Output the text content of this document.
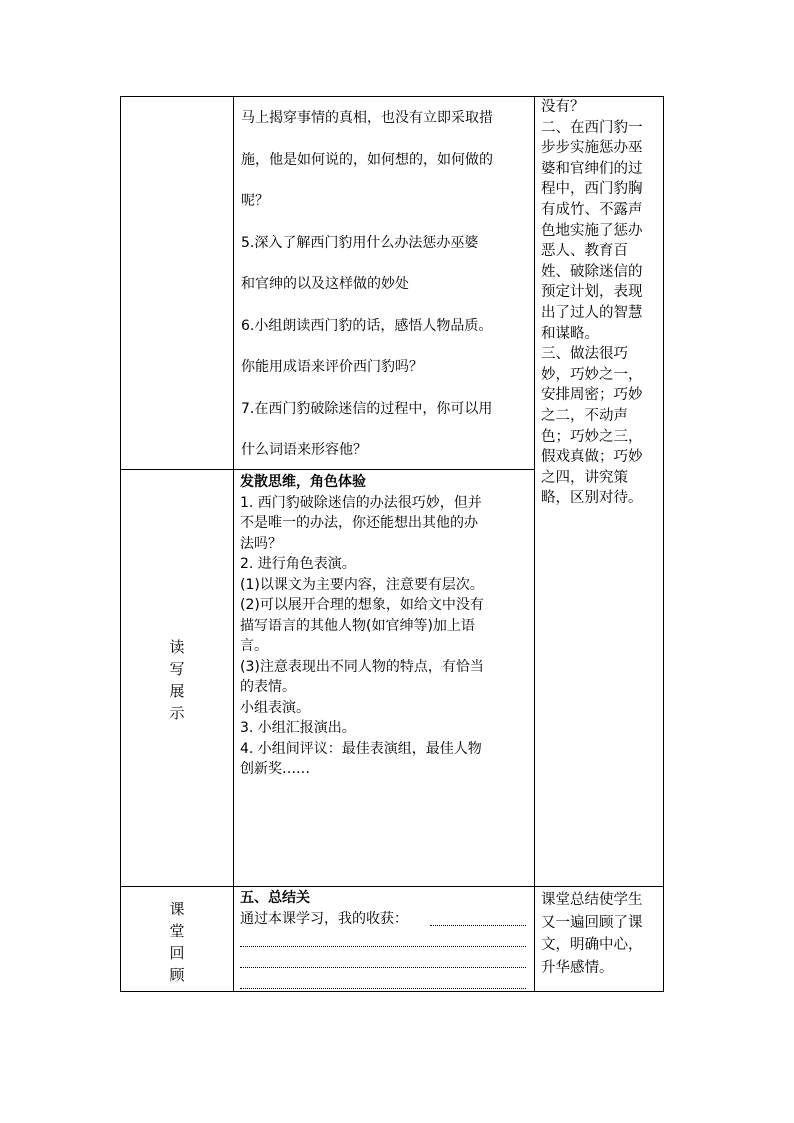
马上揭穿事情的真相，也没有立即采取措

施，他是如何说的，如何想的，如何做的

呢？

5.深入了解西门豹用什么办法惩办巫婆

和官绅的以及这样做的妙处

6.小组朗读西门豹的话，感悟人物品质。

你能用成语来评价西门豹吗？

7.在西门豹破除迷信的过程中，你可以用

什么词语来形容他？

没有？

二、在西门豹一

步步实施惩办巫

婆和官绅们的过

程中，西门豹胸

有成竹、不露声

色地实施了惩办

恶人、教育百

姓、破除迷信的

预定计划，表现

出了过人的智慧

和谋略。

三、做法很巧

妙，巧妙之一，

安排周密；巧妙

之二，不动声

色；巧妙之三，

假戏真做；巧妙

之四，讲究策

略，区别对待。

读
写
展
示

发散思维，角色体验

1. 西门豹破除迷信的办法很巧妙，但并

不是唯一的办法，你还能想出其他的办

法吗？

2. 进行角色表演。

(1)以课文为主要内容，注意要有层次。

(2)可以展开合理的想象，如给文中没有

描写语言的其他人物(如官绅等)加上语

言。

(3)注意表现出不同人物的特点，有恰当

的表情。

小组表演。

3. 小组汇报演出。

4. 小组间评议：最佳表演组，最佳人物

创新奖……

课
堂
回
顾
五、总结关
通过本课学习，我的收获：

课堂总结使学生

又一遍回顾了课

文，明确中心，

升华感情。
